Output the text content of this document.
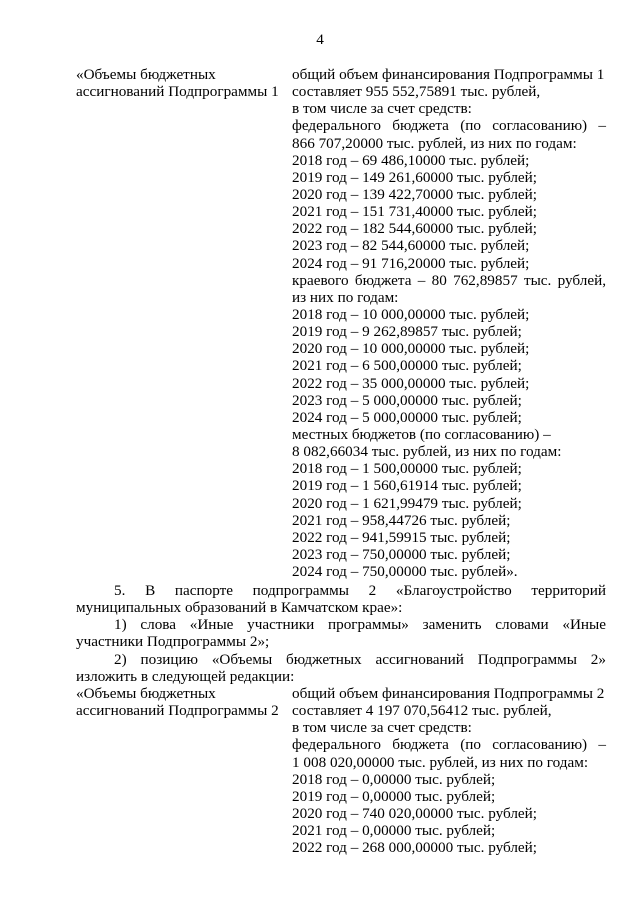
4
«Объемы бюджетных
ассигнований Подпрограммы 1
общий объем финансирования Подпрограммы 1
составляет 955 552,75891 тыс. рублей,
в том числе за счет средств:
федерального бюджета (по согласованию) –
866 707,20000 тыс. рублей, из них по годам:
2018 год – 69 486,10000 тыс. рублей;
2019 год – 149 261,60000 тыс. рублей;
2020 год – 139 422,70000 тыс. рублей;
2021 год – 151 731,40000 тыс. рублей;
2022 год – 182 544,60000 тыс. рублей;
2023 год – 82 544,60000 тыс. рублей;
2024 год – 91 716,20000 тыс. рублей;
краевого бюджета – 80 762,89857 тыс. рублей,
из них по годам:
2018 год – 10 000,00000 тыс. рублей;
2019 год – 9 262,89857 тыс. рублей;
2020 год – 10 000,00000 тыс. рублей;
2021 год – 6 500,00000 тыс. рублей;
2022 год – 35 000,00000 тыс. рублей;
2023 год – 5 000,00000 тыс. рублей;
2024 год – 5 000,00000 тыс. рублей;
местных бюджетов (по согласованию) –
8 082,66034 тыс. рублей, из них по годам:
2018 год – 1 500,00000 тыс. рублей;
2019 год – 1 560,61914 тыс. рублей;
2020 год – 1 621,99479 тыс. рублей;
2021 год – 958,44726 тыс. рублей;
2022 год – 941,59915 тыс. рублей;
2023 год – 750,00000 тыс. рублей;
2024 год – 750,00000 тыс. рублей».
5. В паспорте подпрограммы 2 «Благоустройство территорий
муниципальных образований в Камчатском крае»:
1) слова «Иные участники программы» заменить словами «Иные
участники Подпрограммы 2»;
2) позицию «Объемы бюджетных ассигнований Подпрограммы 2»
изложить в следующей редакции:
«Объемы бюджетных
ассигнований Подпрограммы 2
общий объем финансирования Подпрограммы 2
составляет 4 197 070,56412 тыс. рублей,
в том числе за счет средств:
федерального бюджета (по согласованию) –
1 008 020,00000 тыс. рублей, из них по годам:
2018 год – 0,00000 тыс. рублей;
2019 год – 0,00000 тыс. рублей;
2020 год – 740 020,00000 тыс. рублей;
2021 год – 0,00000 тыс. рублей;
2022 год – 268 000,00000 тыс. рублей;
